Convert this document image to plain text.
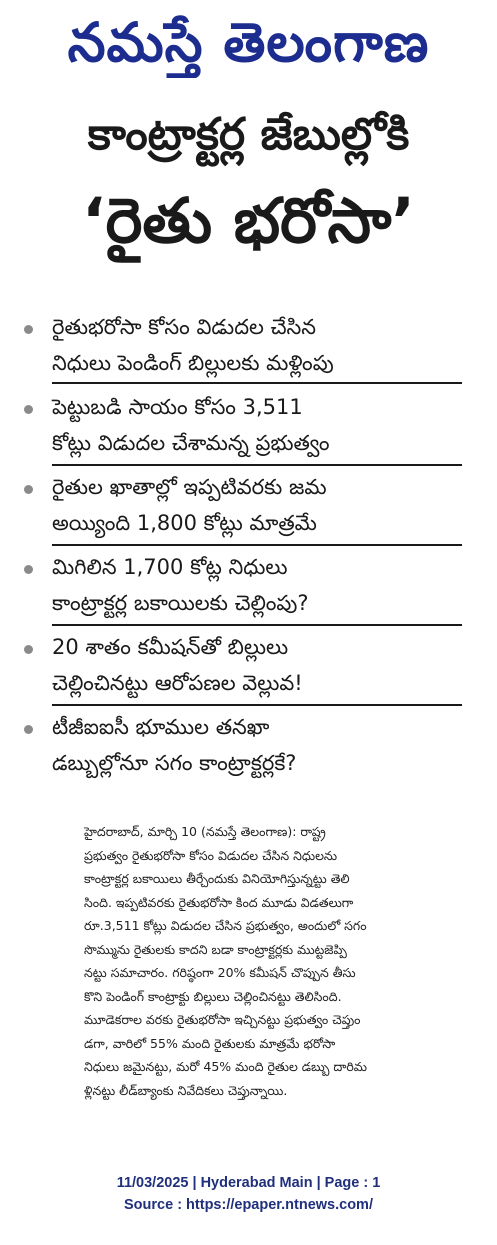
నమస్తే తెలంగాణ
కాంట్రాక్టర్ల జేబుల్లోకి
‘రైతు భరోసా’
రైతుభరోసా కోసం విడుదల చేసిన
నిధులు పెండింగ్ బిల్లులకు మళ్లింపు
పెట్టుబడి సాయం కోసం 3,511
కోట్లు విడుదల చేశామన్న ప్రభుత్వం
రైతుల ఖాతాల్లో ఇప్పటివరకు జమ
అయ్యింది 1,800 కోట్లు మాత్రమే
మిగిలిన 1,700 కోట్ల నిధులు
కాంట్రాక్టర్ల బకాయిలకు చెల్లింపు?
20 శాతం కమీషన్‌తో బిల్లులు
చెల్లించినట్టు ఆరోపణల వెల్లువ!
టీజీఐఐసీ భూముల తనఖా
డబ్బుల్లోనూ సగం కాంట్రాక్టర్లకే?
హైదరాబాద్, మార్చి 10 (నమస్తే తెలంగాణ): రాష్ట్ర
ప్రభుత్వం రైతుభరోసా కోసం విడుదల చేసిన నిధులను
కాంట్రాక్టర్ల బకాయిలు తీర్చేందుకు వినియోగిస్తున్నట్టు తెలి
సింది. ఇప్పటివరకు రైతుభరోసా కింద మూడు విడతలుగా
రూ.3,511 కోట్లు విడుదల చేసిన ప్రభుత్వం, అందులో సగం
సొమ్మును రైతులకు కాదని బడా కాంట్రాక్టర్లకు ముట్టజెప్పి
నట్టు సమాచారం. గరిష్ఠంగా 20% కమీషన్ చొప్పున తీసు
కొని పెండింగ్ కాంట్రాక్టు బిల్లులు చెల్లించినట్టు తెలిసింది.
మూడెకరాల వరకు రైతుభరోసా ఇచ్చినట్టు ప్రభుత్వం చెప్తుం
డగా, వారిలో 55% మంది రైతులకు మాత్రమే భరోసా
నిధులు జమైనట్టు, మరో 45% మంది రైతుల డబ్బు దారిమ
ళ్లినట్టు లీడ్‌బ్యాంకు నివేదికలు చెప్తున్నాయి.
11/03/2025 | Hyderabad Main | Page : 1
Source : https://epaper.ntnews.com/
